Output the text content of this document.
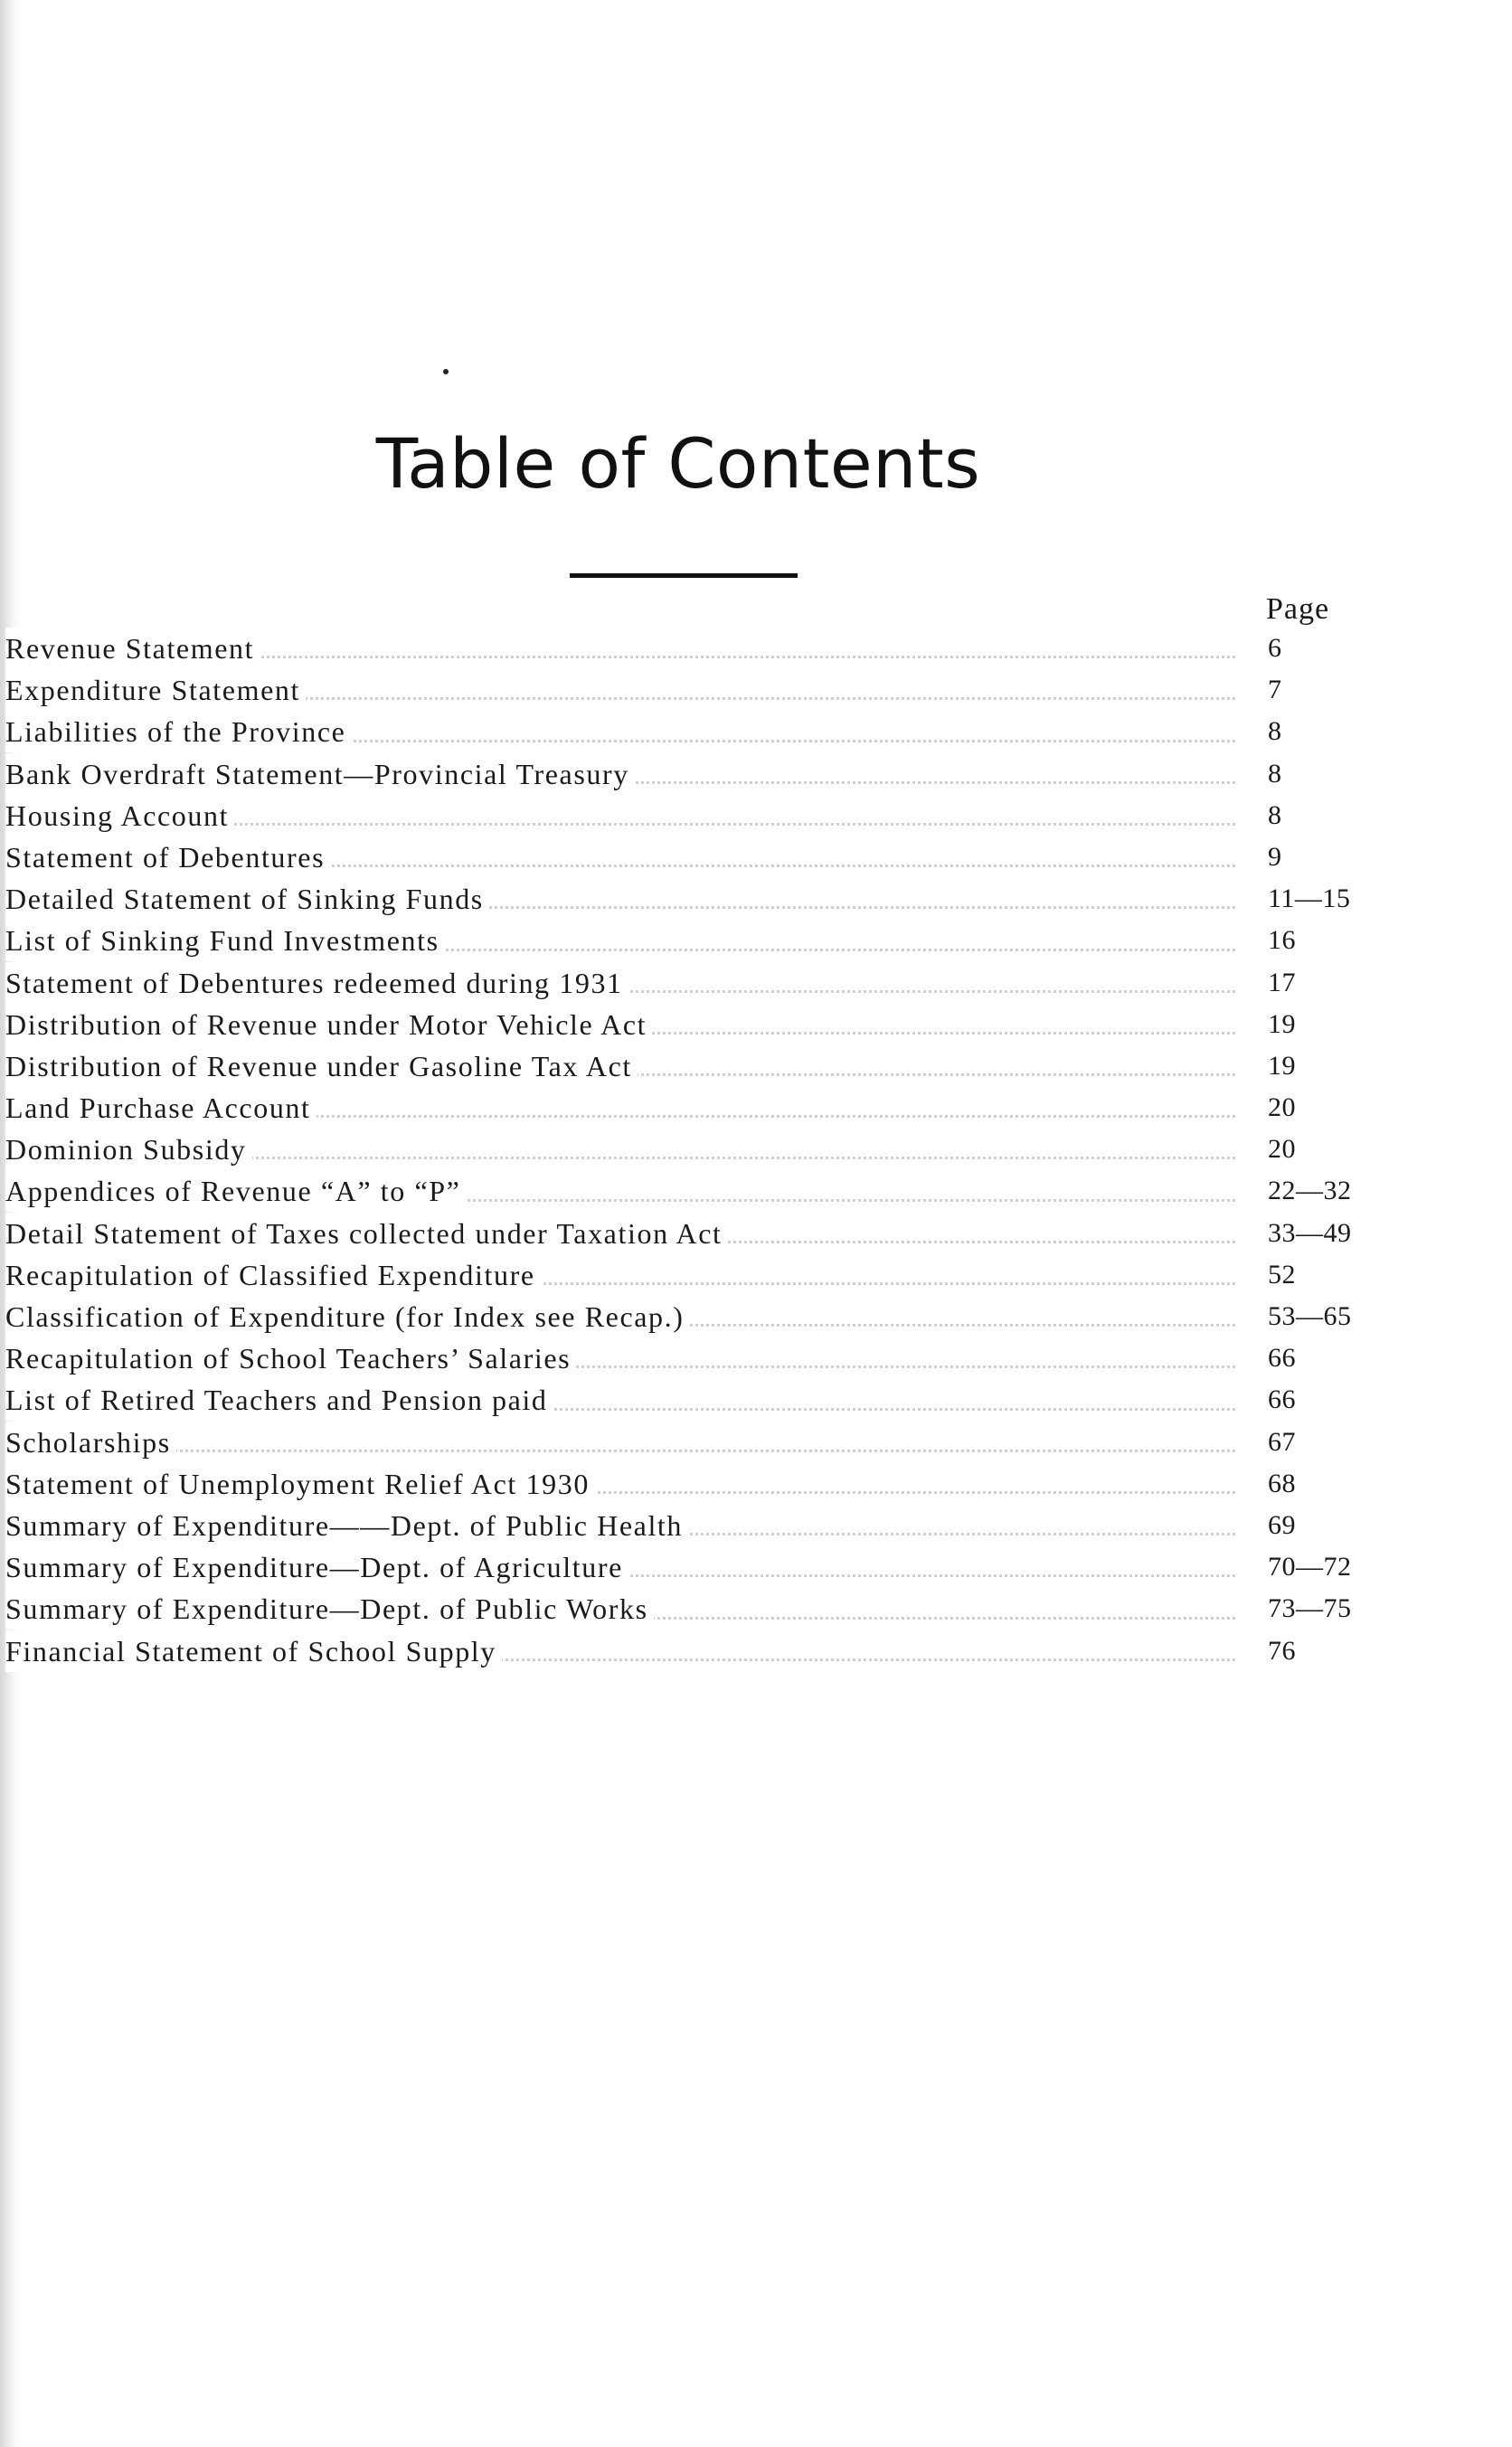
Table of Contents
Page
Revenue Statement	6
Expenditure Statement	7
Liabilities of the Province	8
Bank Overdraft Statement—Provincial Treasury	8
Housing Account	8
Statement of Debentures	9
Detailed Statement of Sinking Funds	11—15
List of Sinking Fund Investments	16
Statement of Debentures redeemed during 1931	17
Distribution of Revenue under Motor Vehicle Act	19
Distribution of Revenue under Gasoline Tax Act	19
Land Purchase Account	20
Dominion Subsidy	20
Appendices of Revenue “A” to “P”	22—32
Detail Statement of Taxes collected under Taxation Act	33—49
Recapitulation of Classified Expenditure	52
Classification of Expenditure (for Index see Recap.)	53—65
Recapitulation of School Teachers’ Salaries	66
List of Retired Teachers and Pension paid	66
Scholarships	67
Statement of Unemployment Relief Act 1930	68
Summary of Expenditure——Dept. of Public Health	69
Summary of Expenditure—Dept. of Agriculture	70—72
Summary of Expenditure—Dept. of Public Works	73—75
Financial Statement of School Supply	76
